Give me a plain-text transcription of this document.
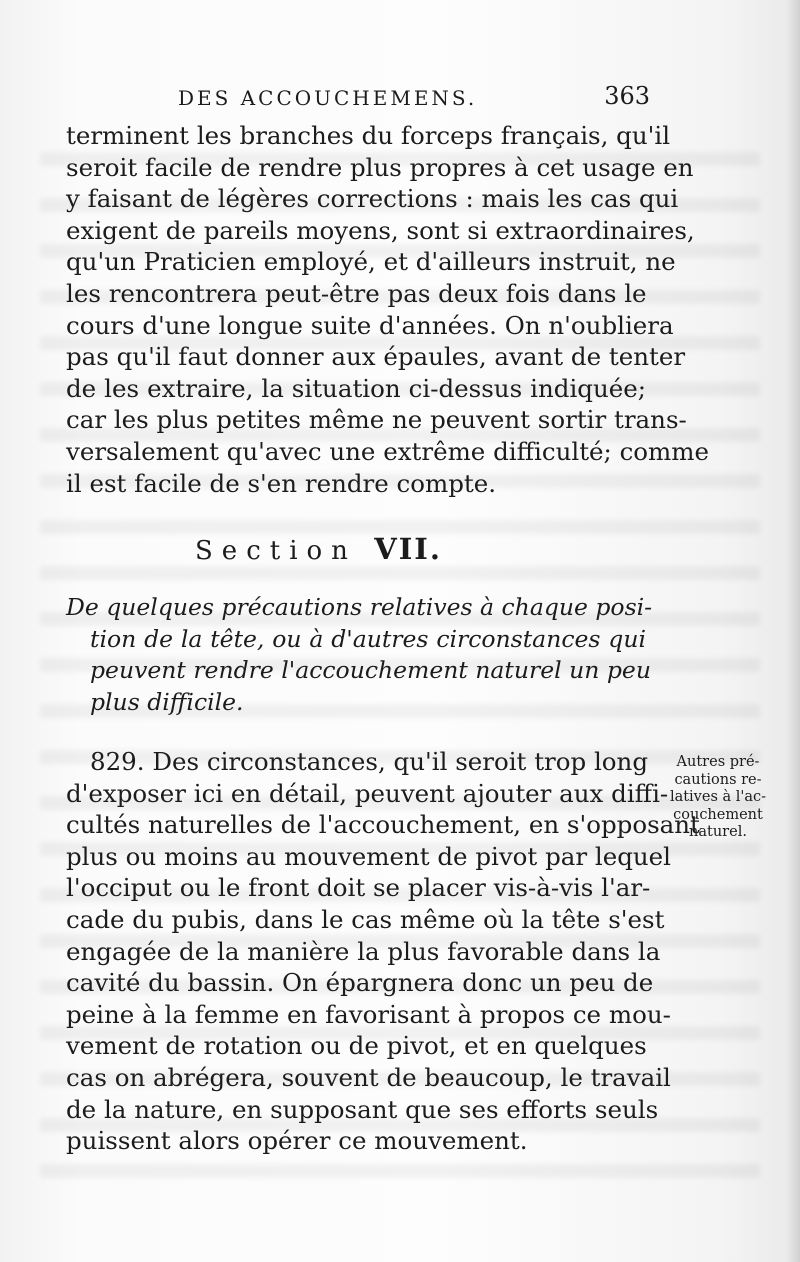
DES ACCOUCHEMENS.	363
terminent les branches du forceps français, qu'il
seroit facile de rendre plus propres à cet usage en
y faisant de légères corrections : mais les cas qui
exigent de pareils moyens, sont si extraordinaires,
qu'un Praticien employé, et d'ailleurs instruit, ne
les rencontrera peut-être pas deux fois dans le
cours d'une longue suite d'années. On n'oubliera
pas qu'il faut donner aux épaules, avant de tenter
de les extraire, la situation ci-dessus indiquée;
car les plus petites même ne peuvent sortir trans-
versalement qu'avec une extrême difficulté; comme
il est facile de s'en rendre compte.
Section VII.
De quelques précautions relatives à chaque posi-
tion de la tête, ou à d'autres circonstances qui
peuvent rendre l'accouchement naturel un peu
plus difficile.
829. Des circonstances, qu'il seroit trop long
d'exposer ici en détail, peuvent ajouter aux diffi-
cultés naturelles de l'accouchement, en s'opposant
plus ou moins au mouvement de pivot par lequel
l'occiput ou le front doit se placer vis-à-vis l'ar-
cade du pubis, dans le cas même où la tête s'est
engagée de la manière la plus favorable dans la
cavité du bassin. On épargnera donc un peu de
peine à la femme en favorisant à propos ce mou-
vement de rotation ou de pivot, et en quelques
cas on abrégera, souvent de beaucoup, le travail
de la nature, en supposant que ses efforts seuls
puissent alors opérer ce mouvement.
Autres pré-
cautions re-
latives à l'ac-
couchement
naturel.
